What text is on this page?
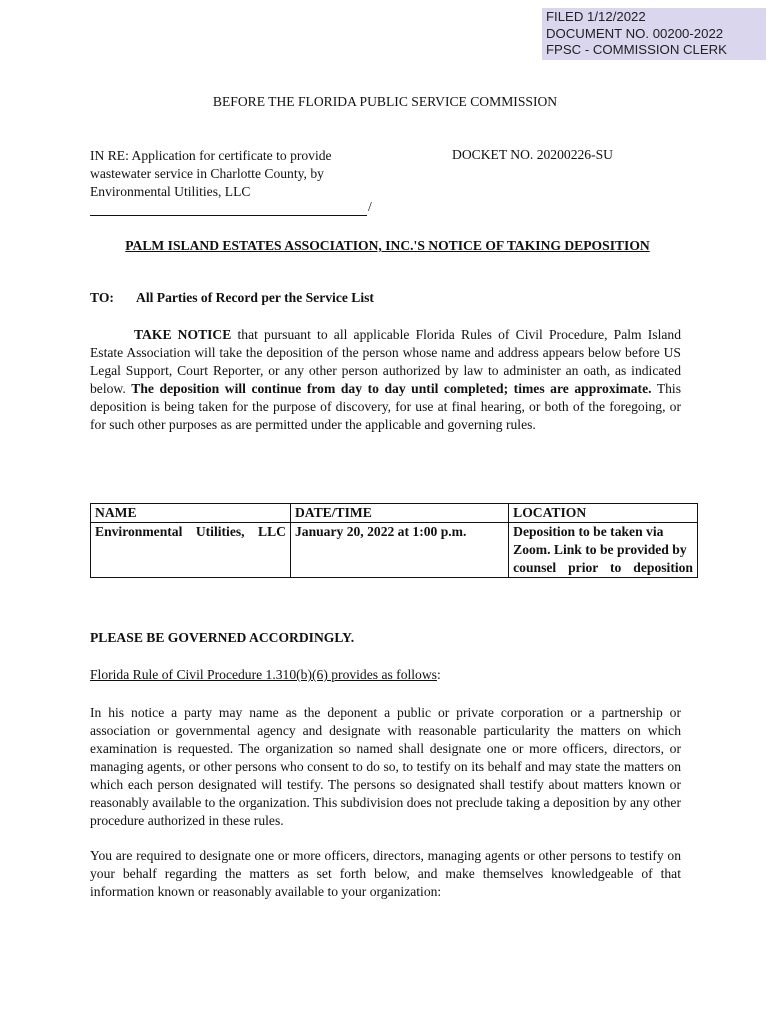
FILED 1/12/2022
DOCUMENT NO. 00200-2022
FPSC - COMMISSION CLERK
BEFORE THE FLORIDA PUBLIC SERVICE COMMISSION
IN RE: Application for certificate to provide wastewater service in Charlotte County, by Environmental Utilities, LLC
/
DOCKET NO. 20200226-SU
PALM ISLAND ESTATES ASSOCIATION, INC.'S NOTICE OF TAKING DEPOSITION
TO: All Parties of Record per the Service List
TAKE NOTICE that pursuant to all applicable Florida Rules of Civil Procedure, Palm Island Estate Association will take the deposition of the person whose name and address appears below before US Legal Support, Court Reporter, or any other person authorized by law to administer an oath, as indicated below. The deposition will continue from day to day until completed; times are approximate. This deposition is being taken for the purpose of discovery, for use at final hearing, or both of the foregoing, or for such other purposes as are permitted under the applicable and governing rules.
NAME	DATE/TIME	LOCATION
Environmental Utilities, LLC	January 20, 2022 at 1:00 p.m.	Deposition to be taken via Zoom. Link to be provided by counsel prior to deposition
PLEASE BE GOVERNED ACCORDINGLY.
Florida Rule of Civil Procedure 1.310(b)(6) provides as follows:
In his notice a party may name as the deponent a public or private corporation or a partnership or association or governmental agency and designate with reasonable particularity the matters on which examination is requested. The organization so named shall designate one or more officers, directors, or managing agents, or other persons who consent to do so, to testify on its behalf and may state the matters on which each person designated will testify. The persons so designated shall testify about matters known or reasonably available to the organization. This subdivision does not preclude taking a deposition by any other procedure authorized in these rules.
You are required to designate one or more officers, directors, managing agents or other persons to testify on your behalf regarding the matters as set forth below, and make themselves knowledgeable of that information known or reasonably available to your organization:
